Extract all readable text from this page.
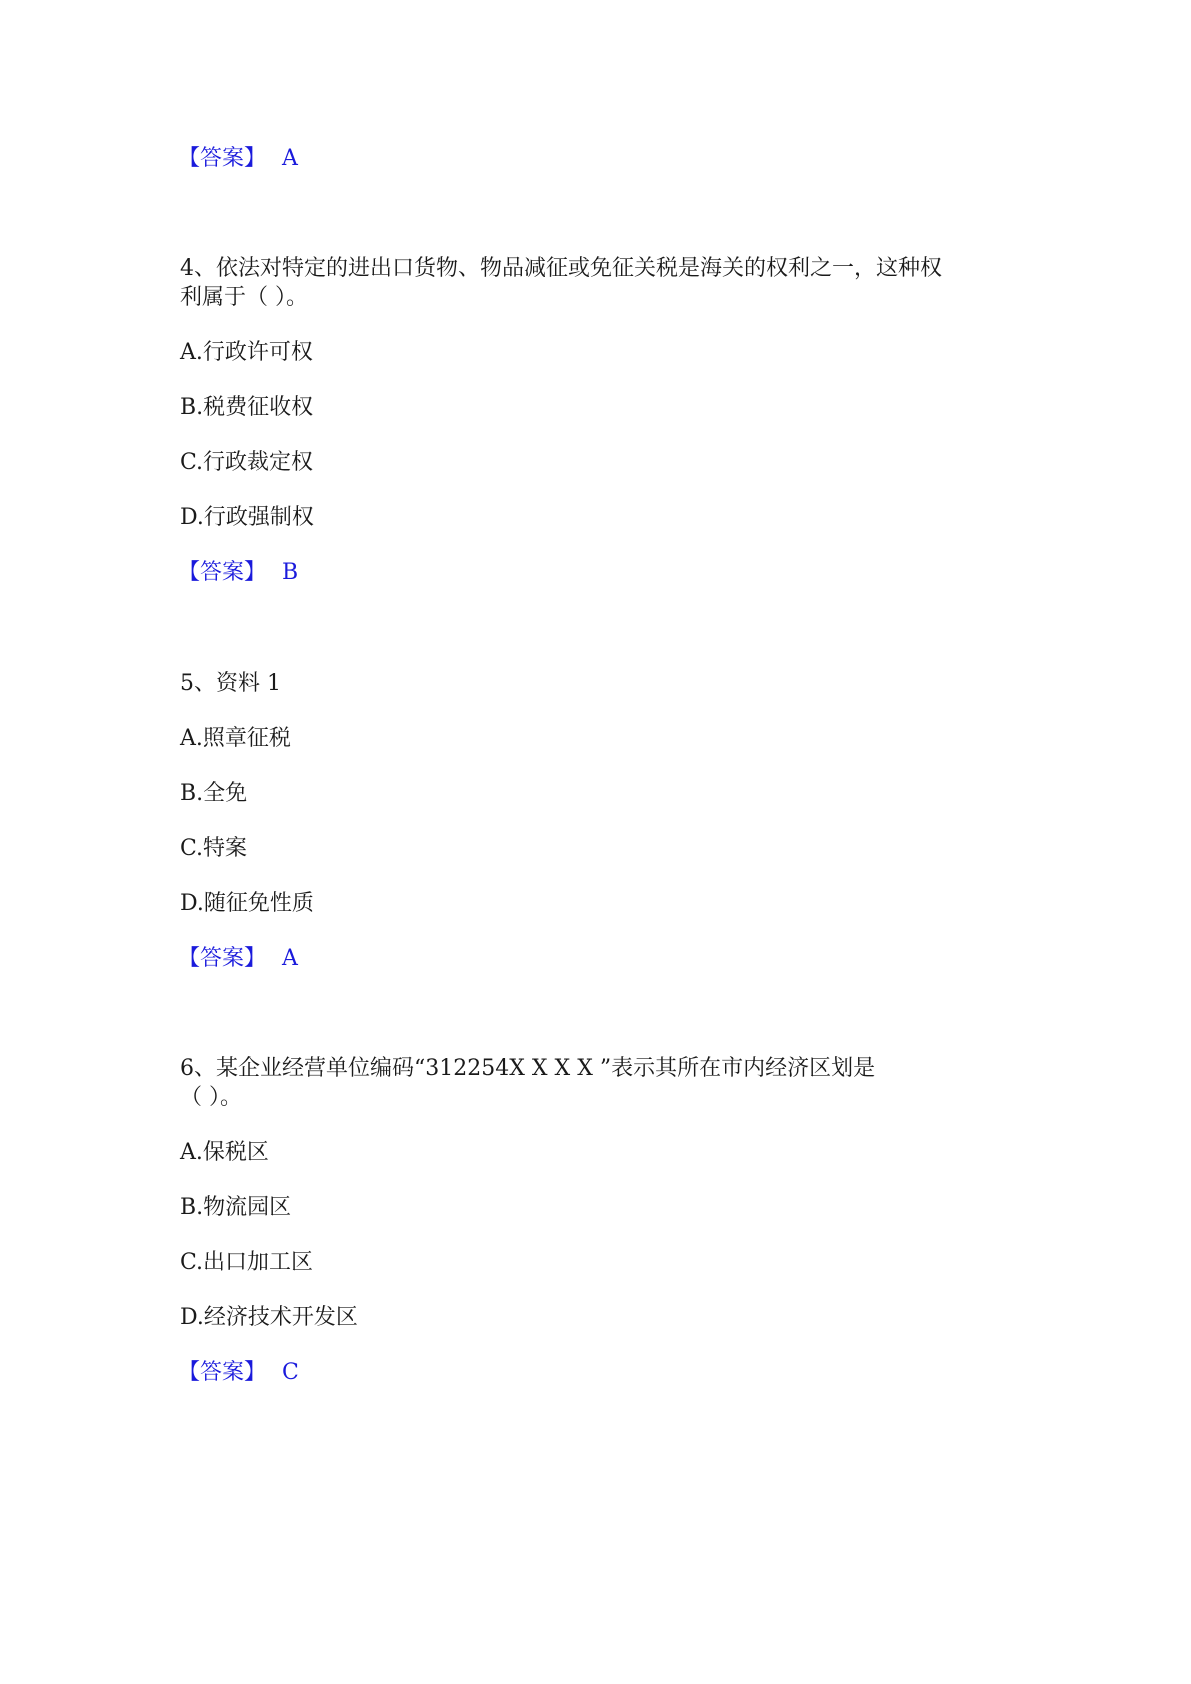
【答案】 A
4、依法对特定的进出口货物、物品减征或免征关税是海关的权利之一，这种权
利属于（ ）。
A.行政许可权
B.税费征收权
C.行政裁定权
D.行政强制权
【答案】 B
5、资料 1
A.照章征税
B.全免
C.特案
D.随征免性质
【答案】 A
6、某企业经营单位编码“312254X X X X ”表示其所在市内经济区划是
（ ）。
A.保税区
B.物流园区
C.出口加工区
D.经济技术开发区
【答案】 C
